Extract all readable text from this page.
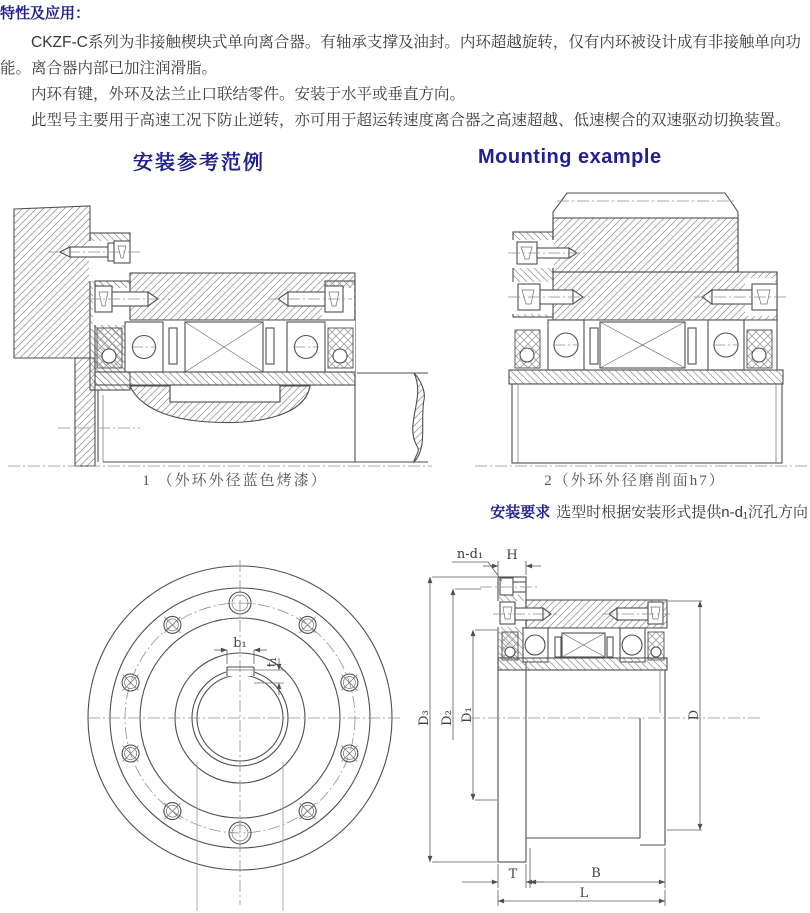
特性及应用：

CKZF-C系列为非接触楔块式单向离合器。有轴承支撑及油封。内环超越旋转，仅有内环被设计成有非接触单向功能。离合器内部已加注润滑脂。

内环有键，外环及法兰止口联结零件。安装于水平或垂直方向。

此型号主要用于高速工况下防止逆转，亦可用于超运转速度离合器之高速超越、低速楔合的双速驱动切换装置。

安装参考范例	Mounting example
1 （外环外径蓝色烤漆）	2（外环外径磨削面h7）
安装要求 选型时根据安装形式提供n-d₁沉孔方向
b₁
t₁
H
n-d₁
D₃ D₂ D₁	D
T	B
L
